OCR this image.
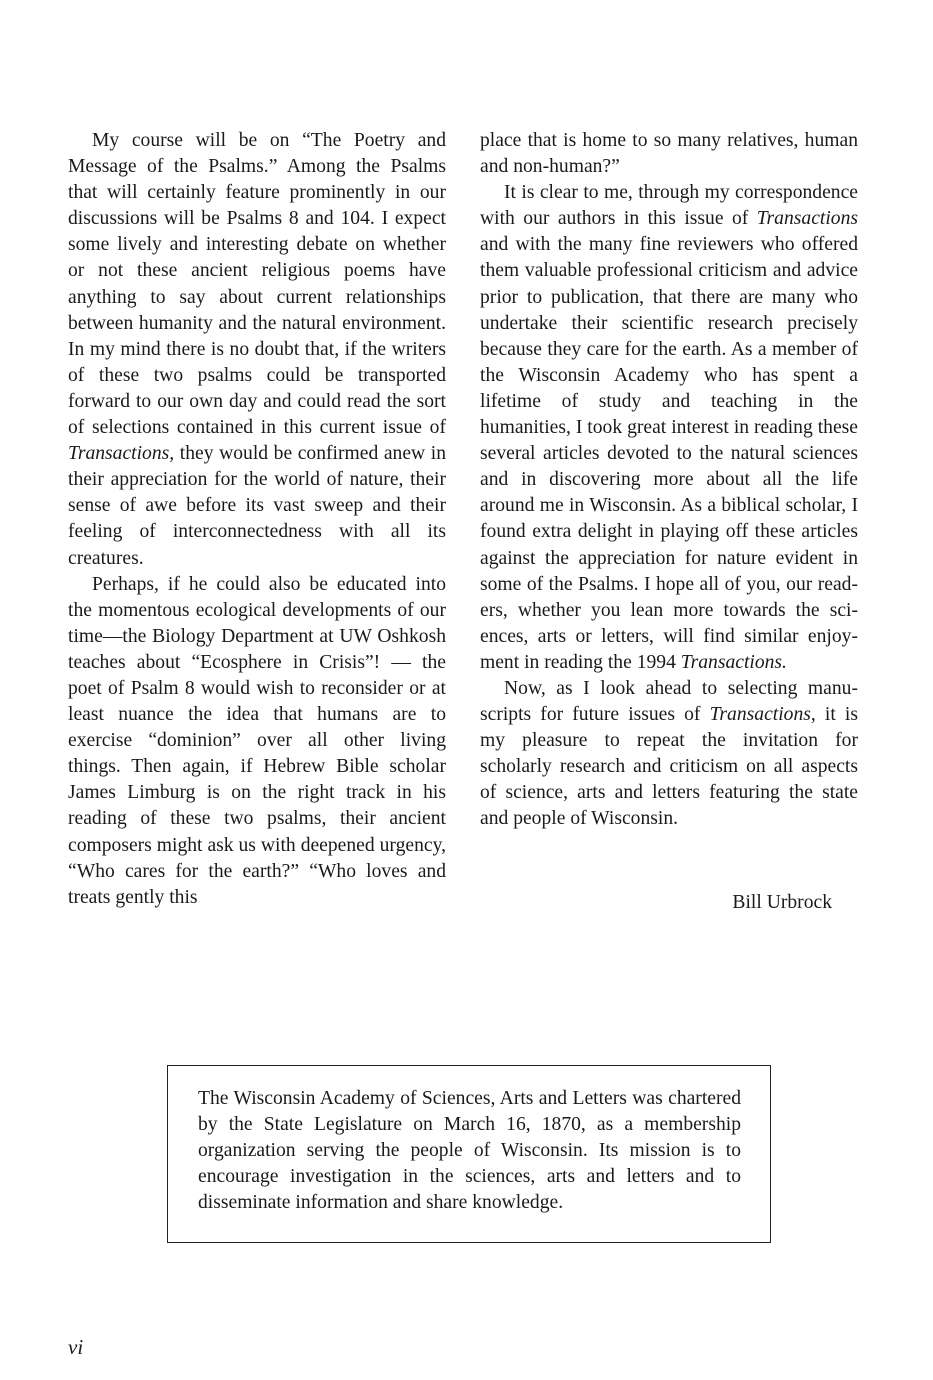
My course will be on “The Poetry and Message of the Psalms.” Among the Psalms that will certainly feature prominently in our discussions will be Psalms 8 and 104. I expect some lively and interesting debate on whether or not these ancient religious poems have anything to say about current relationships between humanity and the natural environment. In my mind there is no doubt that, if the writers of these two psalms could be transported forward to our own day and could read the sort of selections contained in this current issue of Transactions, they would be confirmed anew in their appreciation for the world of nature, their sense of awe before its vast sweep and their feeling of interconnectedness with all its creatures.

Perhaps, if he could also be educated into the momentous ecological developments of our time—the Biology Department at UW Oshkosh teaches about “Ecosphere in Crisis”! — the poet of Psalm 8 would wish to reconsider or at least nuance the idea that humans are to exercise “dominion” over all other living things. Then again, if Hebrew Bible scholar James Limburg is on the right track in his reading of these two psalms, their ancient composers might ask us with deepened urgency, “Who cares for the earth?” “Who loves and treats gently this

place that is home to so many relatives, human and non-human?”

It is clear to me, through my correspondence with our authors in this issue of Transactions and with the many fine reviewers who offered them valuable professional criticism and advice prior to publication, that there are many who undertake their scientific research precisely because they care for the earth. As a member of the Wisconsin Academy who has spent a lifetime of study and teaching in the humanities, I took great interest in reading these several articles devoted to the natural sciences and in discovering more about all the life around me in Wisconsin. As a biblical scholar, I found extra delight in playing off these articles against the appreciation for nature evident in some of the Psalms. I hope all of you, our readers, whether you lean more towards the sciences, arts or letters, will find similar enjoyment in reading the 1994 Transactions.

Now, as I look ahead to selecting manuscripts for future issues of Transactions, it is my pleasure to repeat the invitation for scholarly research and criticism on all aspects of science, arts and letters featuring the state and people of Wisconsin.

Bill Urbrock

The Wisconsin Academy of Sciences, Arts and Letters was chartered by the State Legislature on March 16, 1870, as a membership organization serving the people of Wisconsin. Its mission is to encourage investigation in the sciences, arts and letters and to disseminate information and share knowledge.

vi
